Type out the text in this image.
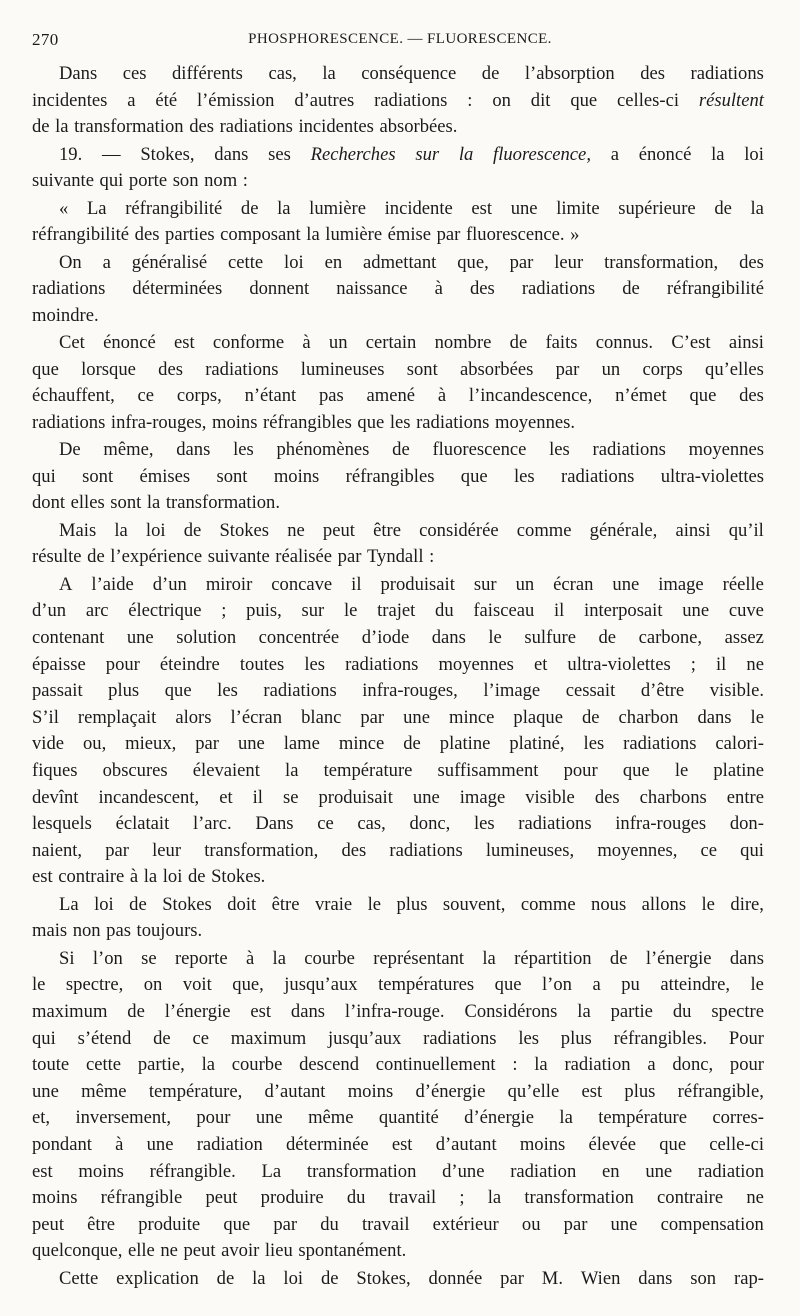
270	PHOSPHORESCENCE. — FLUORESCENCE.
Dans ces différents cas, la conséquence de l’absorption des radiations
incidentes a été l’émission d’autres radiations : on dit que celles-ci résultent
de la transformation des radiations incidentes absorbées.
19. — Stokes, dans ses Recherches sur la fluorescence, a énoncé la loi
suivante qui porte son nom :
« La réfrangibilité de la lumière incidente est une limite supérieure de la
réfrangibilité des parties composant la lumière émise par fluorescence. »
On a généralisé cette loi en admettant que, par leur transformation, des
radiations déterminées donnent naissance à des radiations de réfrangibilité
moindre.
Cet énoncé est conforme à un certain nombre de faits connus. C’est ainsi
que lorsque des radiations lumineuses sont absorbées par un corps qu’elles
échauffent, ce corps, n’étant pas amené à l’incandescence, n’émet que des
radiations infra-rouges, moins réfrangibles que les radiations moyennes.
De même, dans les phénomènes de fluorescence les radiations moyennes
qui sont émises sont moins réfrangibles que les radiations ultra-violettes
dont elles sont la transformation.
Mais la loi de Stokes ne peut être considérée comme générale, ainsi qu’il
résulte de l’expérience suivante réalisée par Tyndall :
A l’aide d’un miroir concave il produisait sur un écran une image réelle
d’un arc électrique ; puis, sur le trajet du faisceau il interposait une cuve
contenant une solution concentrée d’iode dans le sulfure de carbone, assez
épaisse pour éteindre toutes les radiations moyennes et ultra-violettes ; il ne
passait plus que les radiations infra-rouges, l’image cessait d’être visible.
S’il remplaçait alors l’écran blanc par une mince plaque de charbon dans le
vide ou, mieux, par une lame mince de platine platiné, les radiations calori-
fiques obscures élevaient la température suffisamment pour que le platine
devînt incandescent, et il se produisait une image visible des charbons entre
lesquels éclatait l’arc. Dans ce cas, donc, les radiations infra-rouges don-
naient, par leur transformation, des radiations lumineuses, moyennes, ce qui
est contraire à la loi de Stokes.
La loi de Stokes doit être vraie le plus souvent, comme nous allons le dire,
mais non pas toujours.
Si l’on se reporte à la courbe représentant la répartition de l’énergie dans
le spectre, on voit que, jusqu’aux températures que l’on a pu atteindre, le
maximum de l’énergie est dans l’infra-rouge. Considérons la partie du spectre
qui s’étend de ce maximum jusqu’aux radiations les plus réfrangibles. Pour
toute cette partie, la courbe descend continuellement : la radiation a donc, pour
une même température, d’autant moins d’énergie qu’elle est plus réfrangible,
et, inversement, pour une même quantité d’énergie la température corres-
pondant à une radiation déterminée est d’autant moins élevée que celle-ci
est moins réfrangible. La transformation d’une radiation en une radiation
moins réfrangible peut produire du travail ; la transformation contraire ne
peut être produite que par du travail extérieur ou par une compensation
quelconque, elle ne peut avoir lieu spontanément.
Cette explication de la loi de Stokes, donnée par M. Wien dans son rap-
